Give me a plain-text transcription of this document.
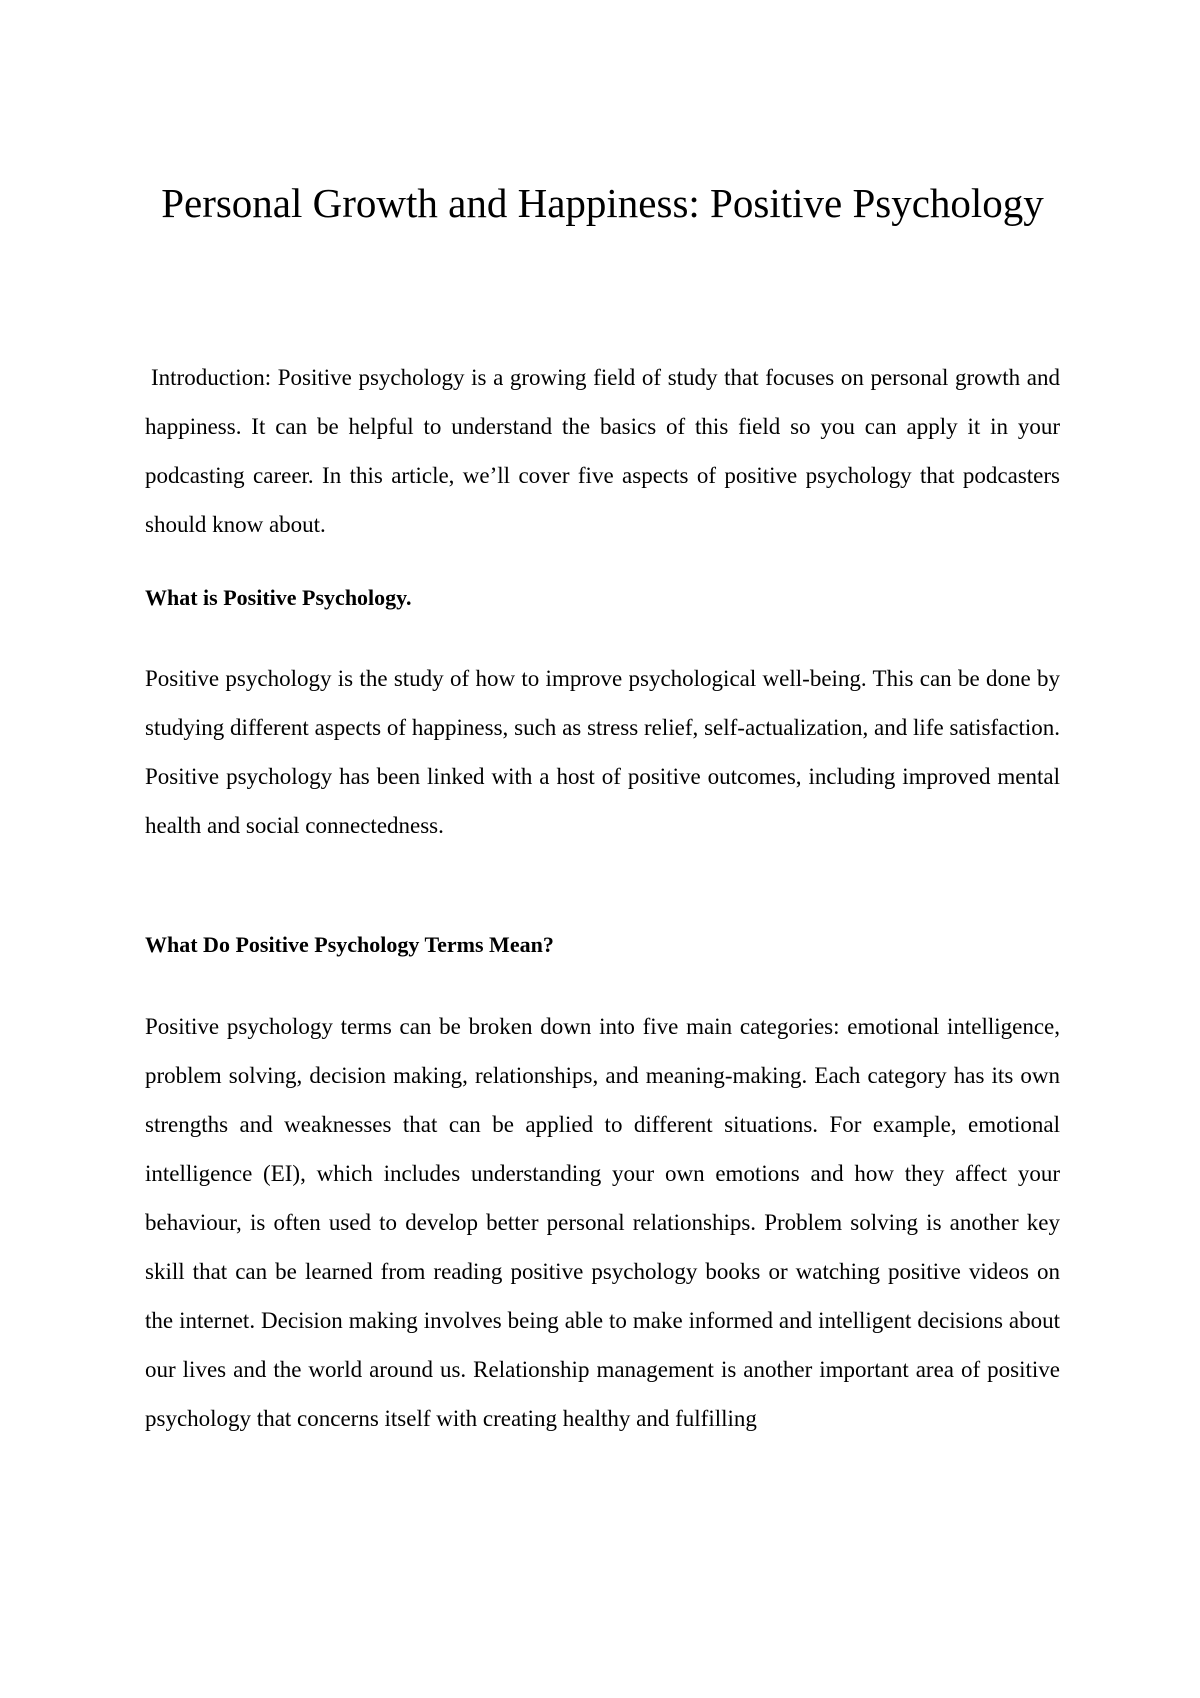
Personal Growth and Happiness: Positive Psychology

Introduction: Positive psychology is a growing field of study that focuses on personal growth and happiness. It can be helpful to understand the basics of this field so you can apply it in your podcasting career. In this article, we’ll cover five aspects of positive psychology that podcasters should know about.

What is Positive Psychology.

Positive psychology is the study of how to improve psychological well-being. This can be done by studying different aspects of happiness, such as stress relief, self-actualization, and life satisfaction. Positive psychology has been linked with a host of positive outcomes, including improved mental health and social connectedness.

What Do Positive Psychology Terms Mean?

Positive psychology terms can be broken down into five main categories: emotional intelligence, problem solving, decision making, relationships, and meaning-making. Each category has its own strengths and weaknesses that can be applied to different situations. For example, emotional intelligence (EI), which includes understanding your own emotions and how they affect your behaviour, is often used to develop better personal relationships. Problem solving is another key skill that can be learned from reading positive psychology books or watching positive videos on the internet. Decision making involves being able to make informed and intelligent decisions about our lives and the world around us. Relationship management is another important area of positive psychology that concerns itself with creating healthy and fulfilling
